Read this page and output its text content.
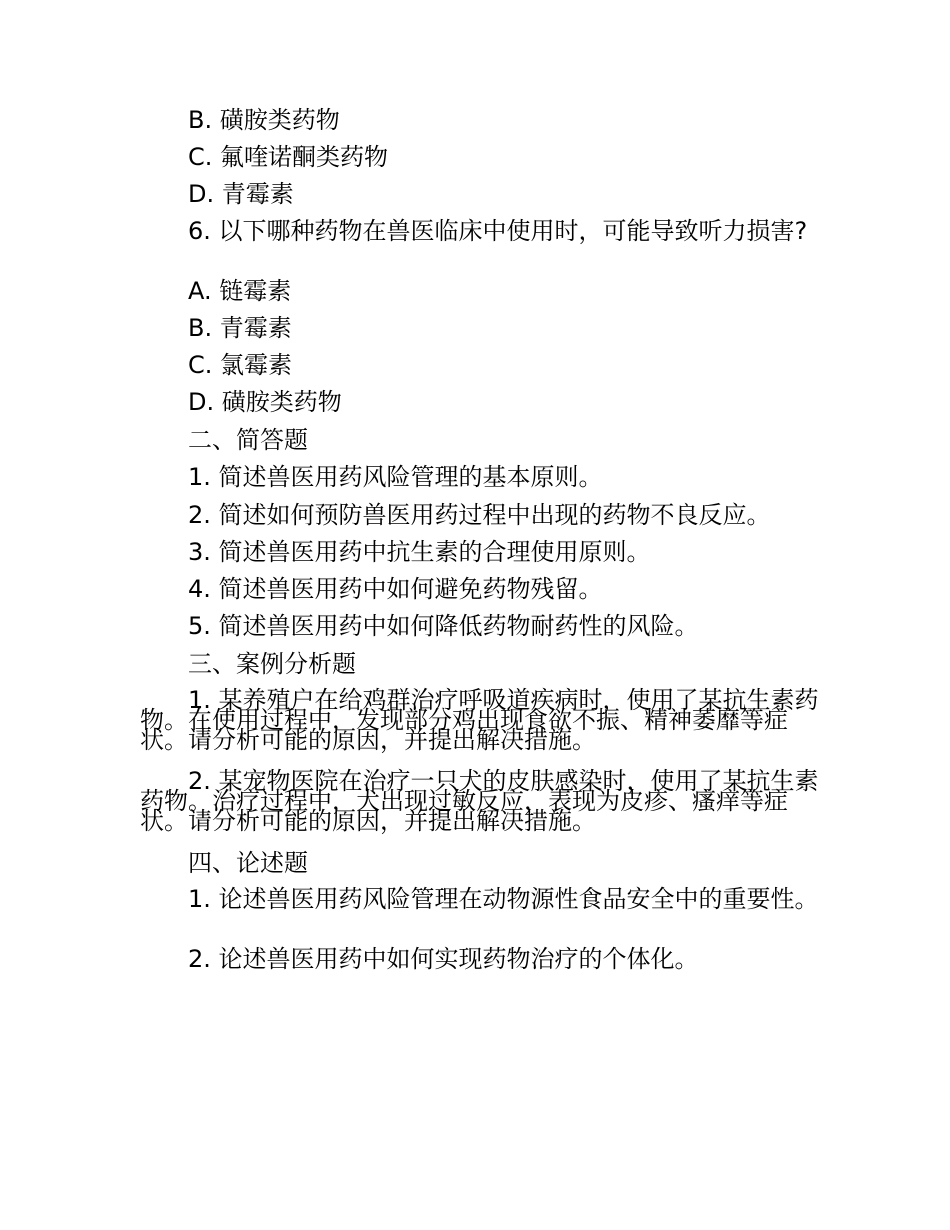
B. 磺胺类药物
C. 氟喹诺酮类药物
D. 青霉素
6. 以下哪种药物在兽医临床中使用时，可能导致听力损害?
A. 链霉素
B. 青霉素
C. 氯霉素
D. 磺胺类药物
二、简答题
1. 简述兽医用药风险管理的基本原则。
2. 简述如何预防兽医用药过程中出现的药物不良反应。
3. 简述兽医用药中抗生素的合理使用原则。
4. 简述兽医用药中如何避免药物残留。
5. 简述兽医用药中如何降低药物耐药性的风险。
三、案例分析题
1. 某养殖户在给鸡群治疗呼吸道疾病时，使用了某抗生素药物。在使用过程中，发现部分鸡出现食欲不振、精神萎靡等症状。请分析可能的原因，并提出解决措施。
2. 某宠物医院在治疗一只犬的皮肤感染时，使用了某抗生素药物。治疗过程中，犬出现过敏反应，表现为皮疹、瘙痒等症状。请分析可能的原因，并提出解决措施。
四、论述题
1. 论述兽医用药风险管理在动物源性食品安全中的重要性。
2. 论述兽医用药中如何实现药物治疗的个体化。
